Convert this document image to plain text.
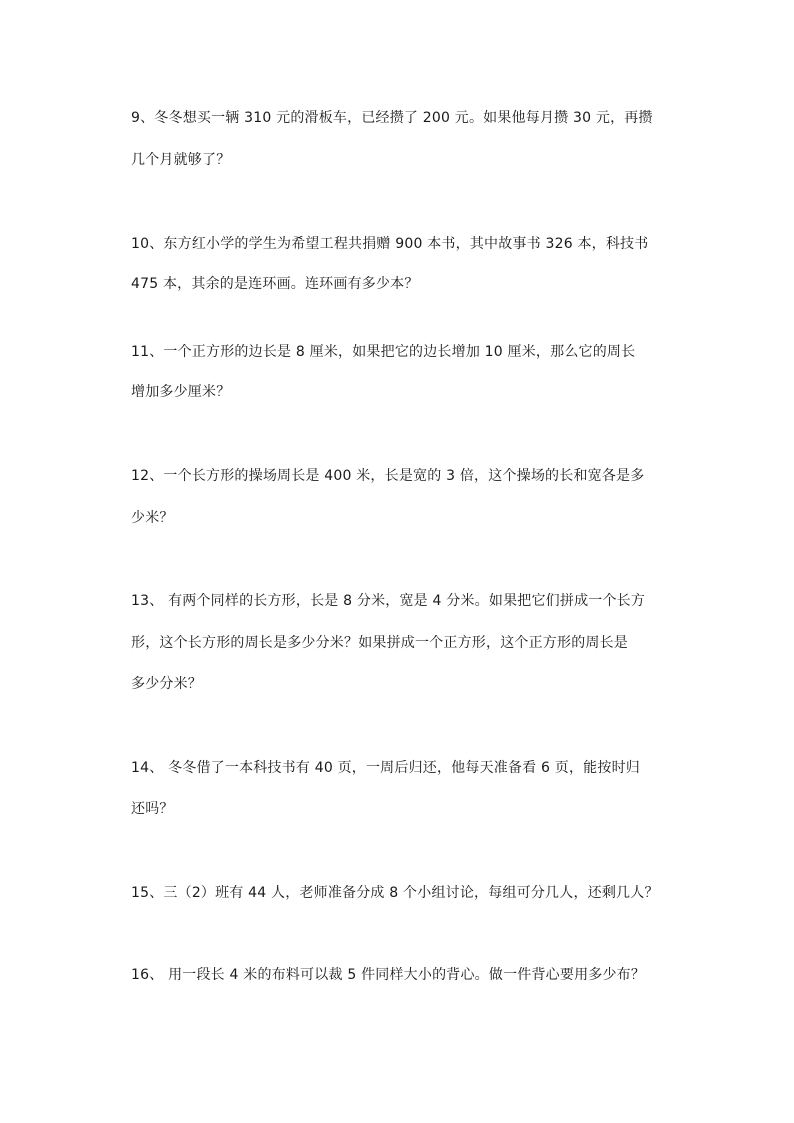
9、冬冬想买一辆 310 元的滑板车，已经攒了 200 元。如果他每月攒 30 元，再攒
几个月就够了？
10、东方红小学的学生为希望工程共捐赠 900 本书，其中故事书 326 本，科技书
475 本，其余的是连环画。连环画有多少本？
11、一个正方形的边长是 8 厘米，如果把它的边长增加 10 厘米，那么它的周长
增加多少厘米？
12、一个长方形的操场周长是 400 米，长是宽的 3 倍，这个操场的长和宽各是多
少米？
13、 有两个同样的长方形，长是 8 分米，宽是 4 分米。如果把它们拼成一个长方
形，这个长方形的周长是多少分米？如果拼成一个正方形，这个正方形的周长是
多少分米？
14、 冬冬借了一本科技书有 40 页，一周后归还，他每天准备看 6 页，能按时归
还吗？
15、三（2）班有 44 人，老师准备分成 8 个小组讨论，每组可分几人，还剩几人？
16、 用一段长 4 米的布料可以裁 5 件同样大小的背心。做一件背心要用多少布？
